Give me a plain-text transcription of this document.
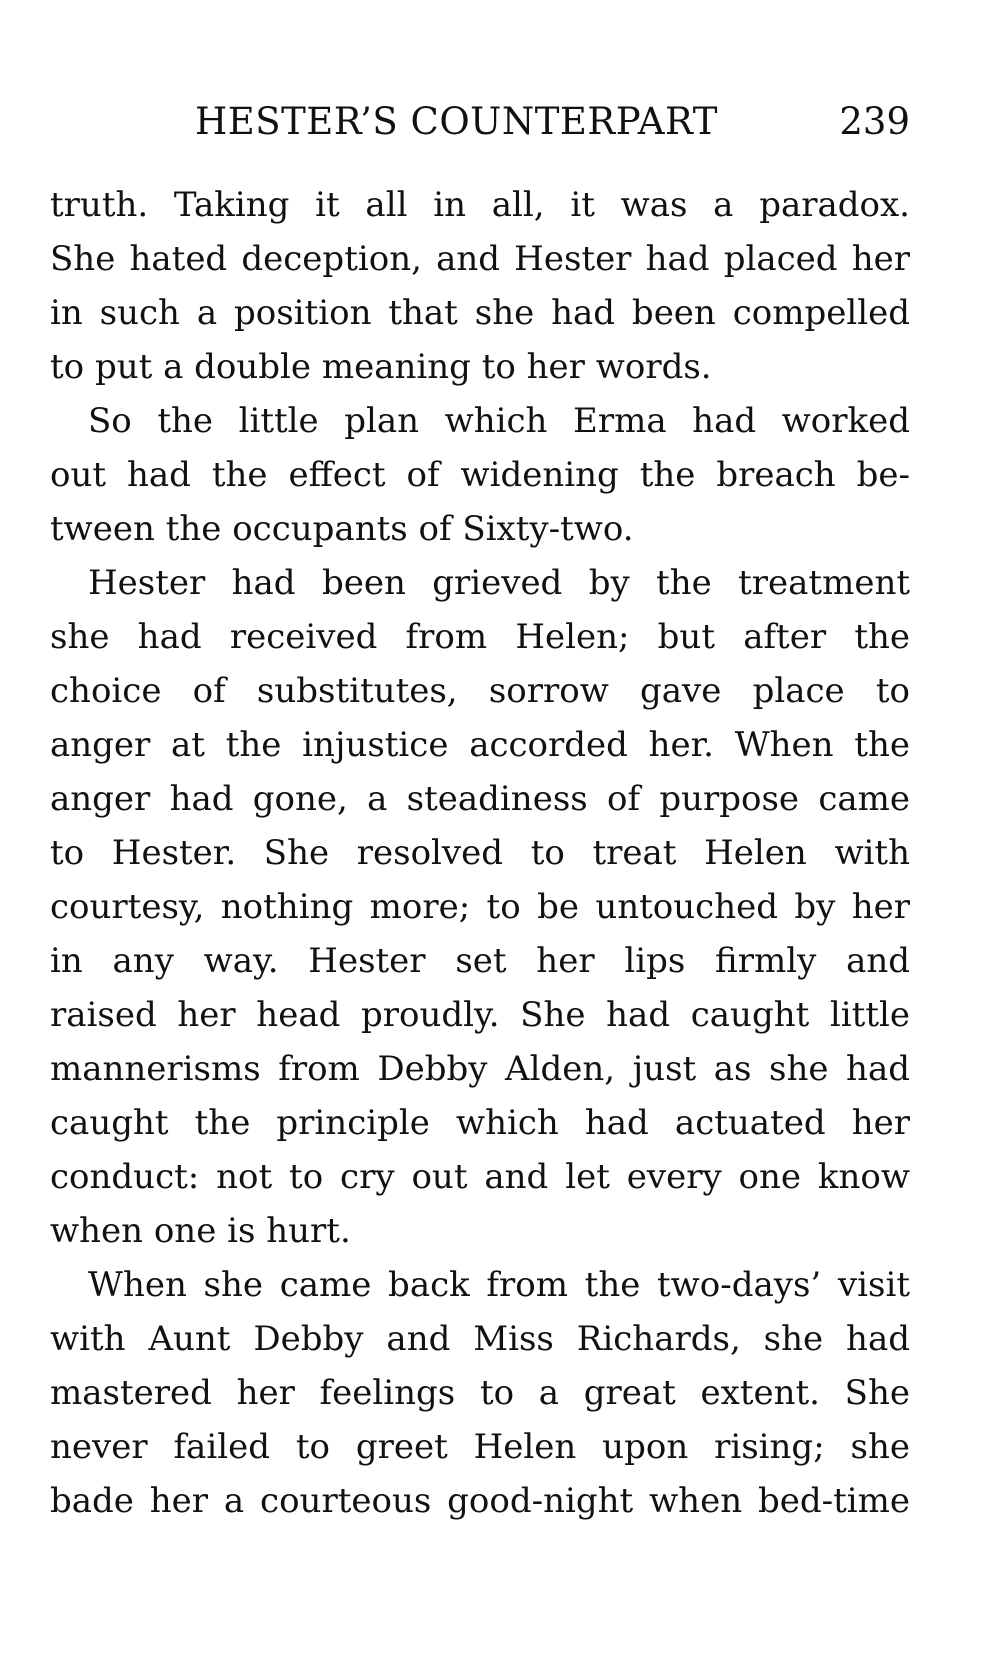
HESTER’S COUNTERPART	239
truth. Taking it all in all, it was a paradox.
She hated deception, and Hester had placed her
in such a position that she had been compelled
to put a double meaning to her words.
So the little plan which Erma had worked
out had the effect of widening the breach be-
tween the occupants of Sixty-two.
Hester had been grieved by the treatment
she had received from Helen; but after the
choice of substitutes, sorrow gave place to
anger at the injustice accorded her. When the
anger had gone, a steadiness of purpose came
to Hester. She resolved to treat Helen with
courtesy, nothing more; to be untouched by her
in any way. Hester set her lips firmly and
raised her head proudly. She had caught little
mannerisms from Debby Alden, just as she had
caught the principle which had actuated her
conduct: not to cry out and let every one know
when one is hurt.
When she came back from the two-days’ visit
with Aunt Debby and Miss Richards, she had
mastered her feelings to a great extent. She
never failed to greet Helen upon rising; she
bade her a courteous good-night when bed-time
